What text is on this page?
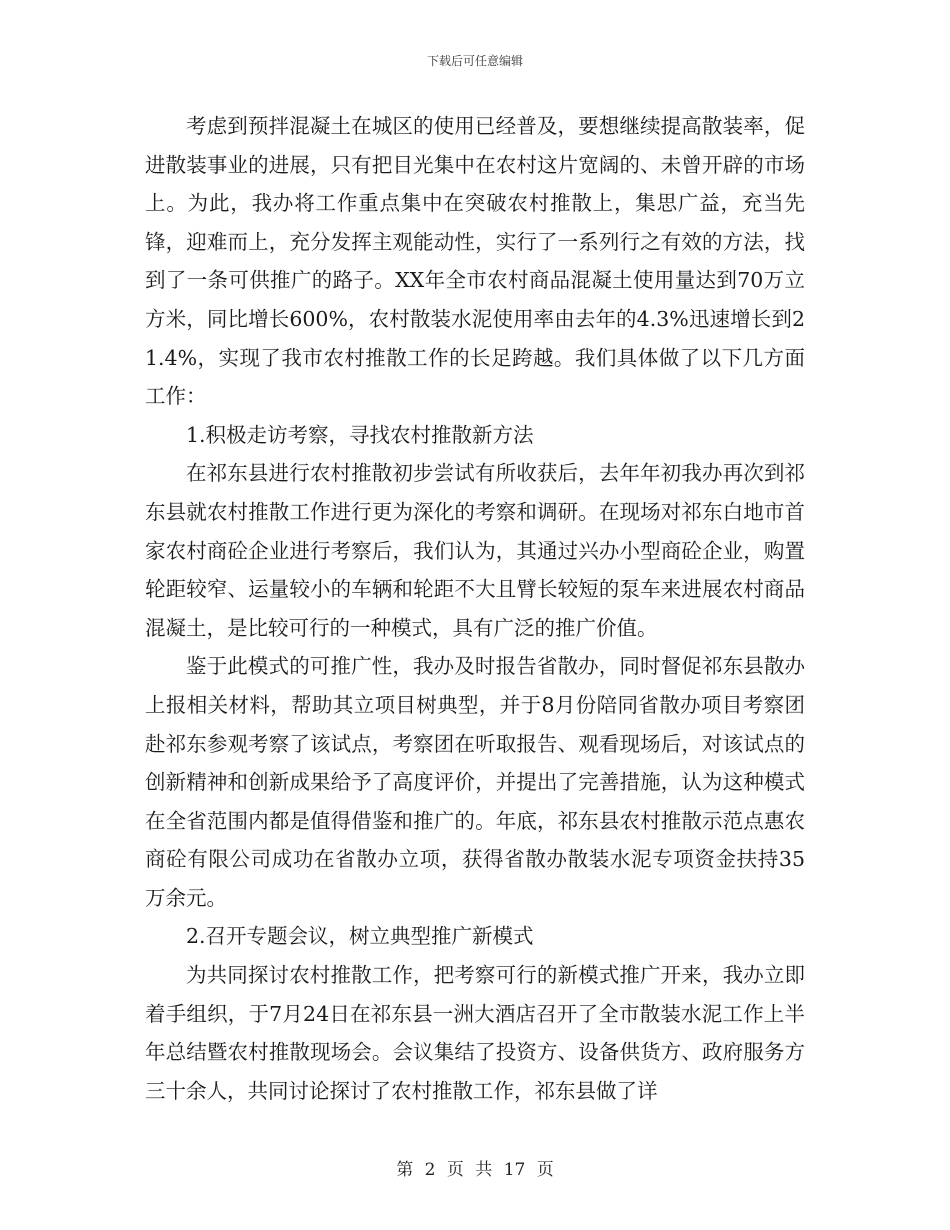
下载后可任意编辑

考虑到预拌混凝土在城区的使用已经普及，要想继续提高散装率，促进散装事业的进展，只有把目光集中在农村这片宽阔的、未曾开辟的市场上。为此，我办将工作重点集中在突破农村推散上，集思广益，充当先锋，迎难而上，充分发挥主观能动性，实行了一系列行之有效的方法，找到了一条可供推广的路子。XX年全市农村商品混凝土使用量达到70万立方米，同比增长600%，农村散装水泥使用率由去年的4.3%迅速增长到21.4%，实现了我市农村推散工作的长足跨越。我们具体做了以下几方面工作：

1.积极走访考察，寻找农村推散新方法

在祁东县进行农村推散初步尝试有所收获后，去年年初我办再次到祁东县就农村推散工作进行更为深化的考察和调研。在现场对祁东白地市首家农村商砼企业进行考察后，我们认为，其通过兴办小型商砼企业，购置轮距较窄、运量较小的车辆和轮距不大且臂长较短的泵车来进展农村商品混凝土，是比较可行的一种模式，具有广泛的推广价值。

鉴于此模式的可推广性，我办及时报告省散办，同时督促祁东县散办上报相关材料，帮助其立项目树典型，并于8月份陪同省散办项目考察团赴祁东参观考察了该试点，考察团在听取报告、观看现场后，对该试点的创新精神和创新成果给予了高度评价，并提出了完善措施，认为这种模式在全省范围内都是值得借鉴和推广的。年底，祁东县农村推散示范点惠农商砼有限公司成功在省散办立项，获得省散办散装水泥专项资金扶持35万余元。

2.召开专题会议，树立典型推广新模式

为共同探讨农村推散工作，把考察可行的新模式推广开来，我办立即着手组织，于7月24日在祁东县一洲大酒店召开了全市散装水泥工作上半年总结暨农村推散现场会。会议集结了投资方、设备供货方、政府服务方三十余人，共同讨论探讨了农村推散工作，祁东县做了详

第 2 页 共 17 页
